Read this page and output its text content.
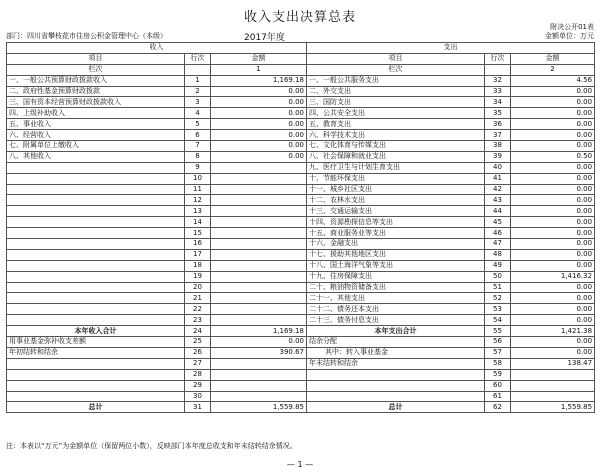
收入支出决算总表
附决公开01表
部门：四川省攀枝花市住房公积金管理中心（本级）	2017年度	金额单位：万元
收入			支出		
项目	行次	金额	项目	行次	金额
栏次		1	栏次		2
一、一般公共预算财政拨款收入	1	1,169.18	一、一般公共服务支出	32	4.56
二、政府性基金预算财政拨款	2	0.00	二、外交支出	33	0.00
三、国有资本经营预算财政拨款收入	3	0.00	三、国防支出	34	0.00
四、上级补助收入	4	0.00	四、公共安全支出	35	0.00
五、事业收入	5	0.00	五、教育支出	36	0.00
六、经营收入	6	0.00	六、科学技术支出	37	0.00
七、附属单位上缴收入	7	0.00	七、文化体育与传媒支出	38	0.00
八、其他收入	8	0.00	八、社会保障和就业支出	39	0.50
	9		九、医疗卫生与计划生育支出	40	0.00
	10		十、节能环保支出	41	0.00
	11		十一、城乡社区支出	42	0.00
	12		十二、农林水支出	43	0.00
	13		十三、交通运输支出	44	0.00
	14		十四、资源勘探信息等支出	45	0.00
	15		十五、商业服务业等支出	46	0.00
	16		十六、金融支出	47	0.00
	17		十七、援助其他地区支出	48	0.00
	18		十八、国土海洋气象等支出	49	0.00
	19		十九、住房保障支出	50	1,416.32
	20		二十、粮油物资储备支出	51	0.00
	21		二十一、其他支出	52	0.00
	22		二十二、债务还本支出	53	0.00
	23		二十三、债务付息支出	54	0.00
本年收入合计	24	1,169.18	本年支出合计	55	1,421.38
用事业基金弥补收支差额	25	0.00	结余分配	56	0.00
年初结转和结余	26	390.67	其中：转入事业基金	57	0.00
	27		年末结转和结余	58	138.47
	28			59	
	29			60	
	30			61	
总计	31	1,559.85	总计	62	1,559.85
注：本表以“万元”为金额单位（保留两位小数），反映部门本年度总收支和年末结转结余情况。
— 1 —
